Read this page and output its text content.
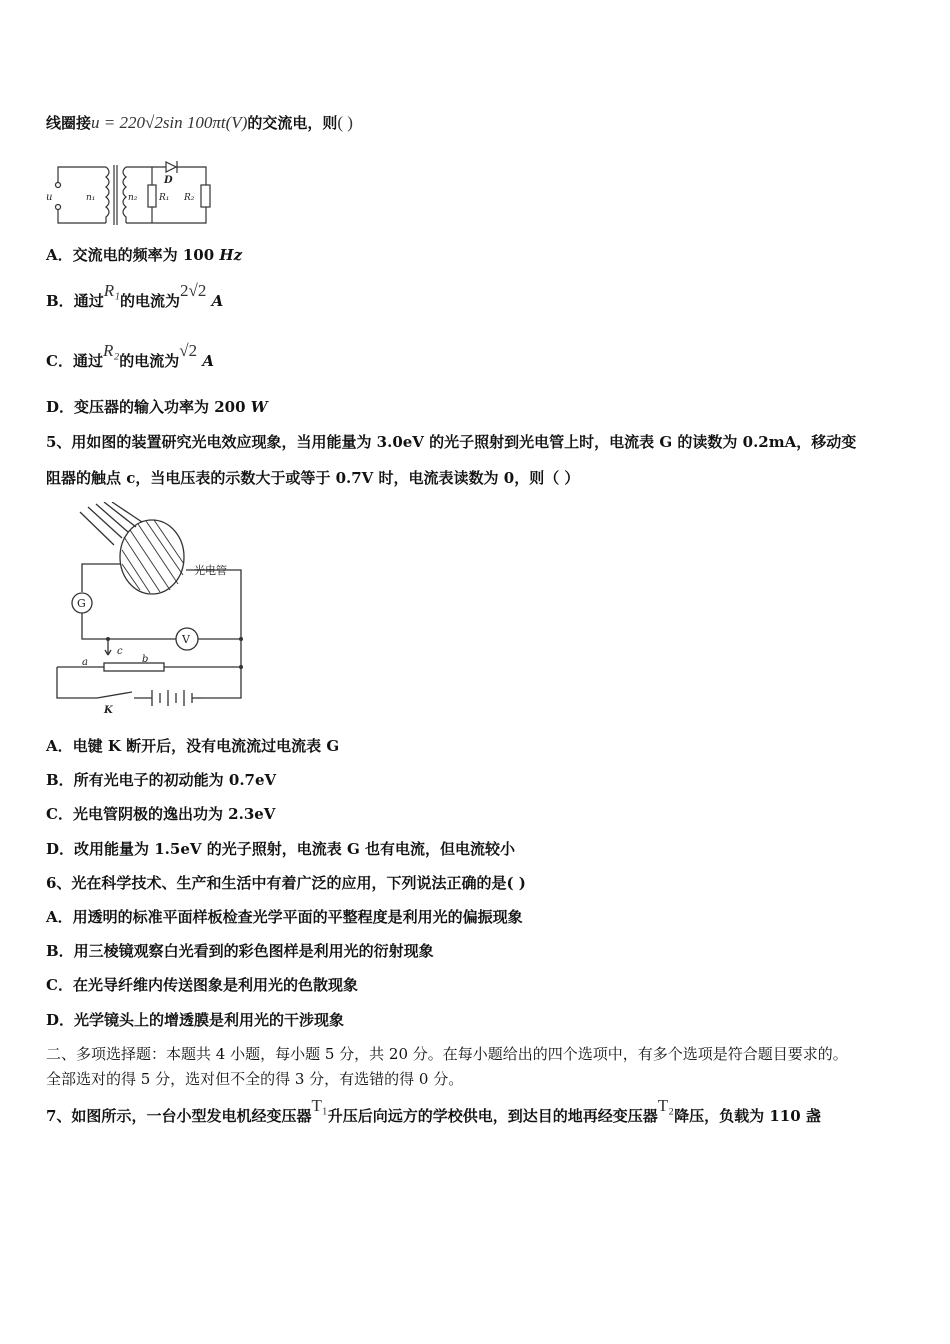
线圈接u = 220√2sin 100πt(V)的交流电，则( )
u	n₁	n₂
D
R₁ R₂
A．交流电的频率为 100 Hz
B．通过R₁的电流为2√2 A
C．通过R₂的电流为√2 A
D．变压器的输入功率为 200 W
5、用如图的装置研究光电效应现象，当用能量为 3.0eV 的光子照射到光电管上时，电流表 G 的读数为 0.2mA，移动变
阻器的触点 c，当电压表的示数大于或等于 0.7V 时，电流表读数为 0，则（ ）
光电管
G
V
a	b
c
K
A．电键 K 断开后，没有电流流过电流表 G
B．所有光电子的初动能为 0.7eV
C．光电管阴极的逸出功为 2.3eV
D．改用能量为 1.5eV 的光子照射，电流表 G 也有电流，但电流较小
6、光在科学技术、生产和生活中有着广泛的应用，下列说法正确的是( )
A．用透明的标准平面样板检查光学平面的平整程度是利用光的偏振现象
B．用三棱镜观察白光看到的彩色图样是利用光的衍射现象
C．在光导纤维内传送图象是利用光的色散现象
D．光学镜头上的增透膜是利用光的干涉现象
二、多项选择题：本题共 4 小题，每小题 5 分，共 20 分。在每小题给出的四个选项中，有多个选项是符合题目要求的。
全部选对的得 5 分，选对但不全的得 3 分，有选错的得 0 分。
7、如图所示，一台小型发电机经变压器T₁升压后向远方的学校供电，到达目的地再经变压器T₂降压，负载为 110 盏
